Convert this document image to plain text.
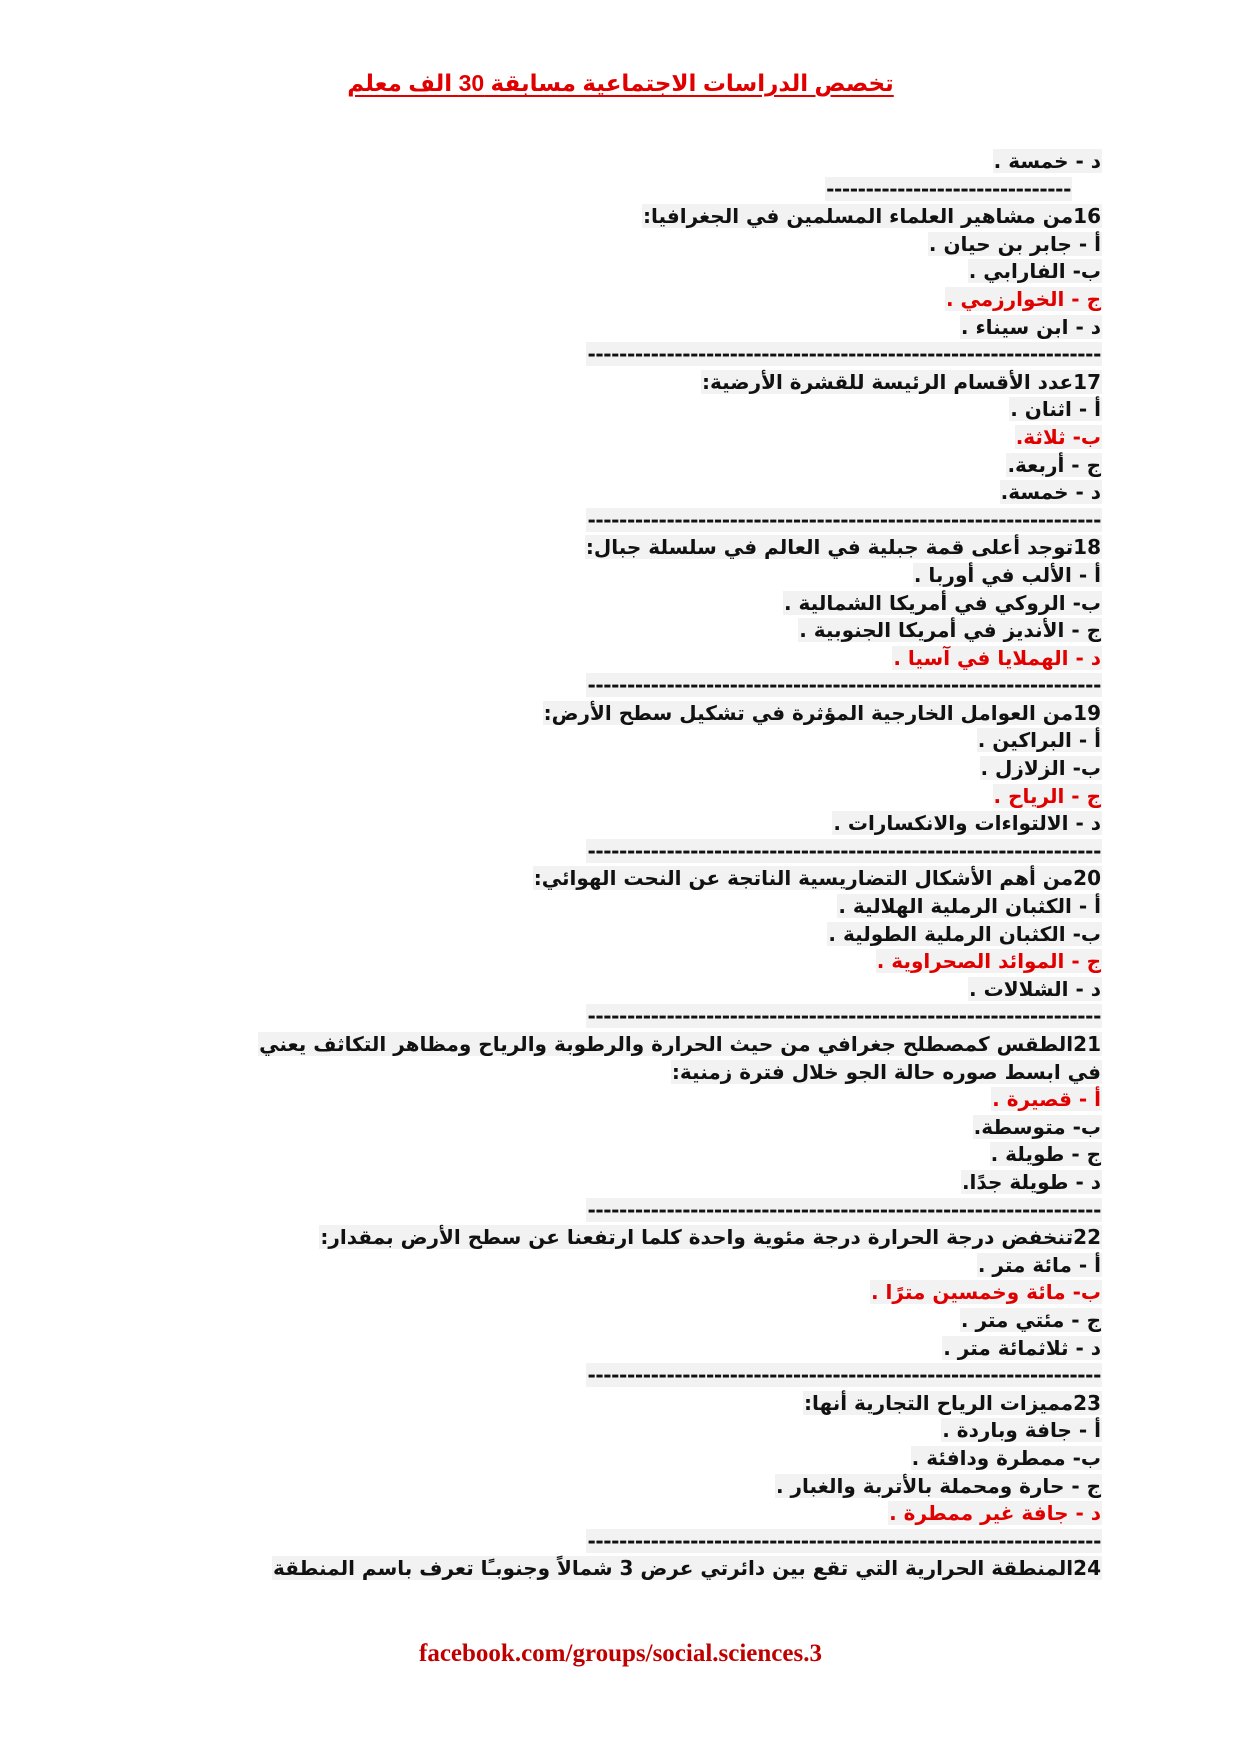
تخصص الدراسات الاجتماعية مسابقة 30 الف معلم
د - خمسة .
-------------------------------
16من مشاهير العلماء المسلمين في الجغرافيا:
أ - جابر بن حيان .
ب- الفارابي .
ج - الخوارزمي .
د - ابن سيناء .
-----------------------------------------------------------------
17عدد الأقسام الرئيسة للقشرة الأرضية:
أ - اثنان .
ب- ثلاثة.
ج - أربعة.
د - خمسة.
-----------------------------------------------------------------
18توجد أعلى قمة جبلية في العالم في سلسلة جبال:
أ - الألب في أوربا .
ب- الروكي في أمريكا الشمالية .
ج - الأنديز في أمريكا الجنوبية .
د - الهملايا في آسيا .
-----------------------------------------------------------------
19من العوامل الخارجية المؤثرة في تشكيل سطح الأرض:
أ - البراكين .
ب- الزلازل .
ج - الرياح .
د - الالتواءات والانكسارات .
-----------------------------------------------------------------
20من أهم الأشكال التضاريسية الناتجة عن النحت الهوائي:
أ - الكثبان الرملية الهلالية .
ب- الكثبان الرملية الطولية .
ج - الموائد الصحراوية .
د - الشلالات .
-----------------------------------------------------------------
21الطقس كمصطلح جغرافي من حيث الحرارة والرطوبة والرياح ومظاهر التكاثف يعني
في ابسط صوره حالة الجو خلال فترة زمنية:
أ - قصيرة .
ب- متوسطة.
ج - طويلة .
د - طويلة جدًا.
-----------------------------------------------------------------
22تنخفض درجة الحرارة درجة مئوية واحدة كلما ارتفعنا عن سطح الأرض بمقدار:
أ - مائة متر .
ب- مائة وخمسين مترًا .
ج - مئتي متر .
د - ثلاثمائة متر .
-----------------------------------------------------------------
23مميزات الرياح التجارية أنها:
أ - جافة وباردة .
ب- ممطرة ودافئة .
ج - حارة ومحملة بالأتربة والغبار .
د - جافة غير ممطرة .
-----------------------------------------------------------------
24المنطقة الحرارية التي تقع بين دائرتي عرض 3 شمالاً وجنوبـًا تعرف باسم المنطقة
facebook.com/groups/social.sciences.3
